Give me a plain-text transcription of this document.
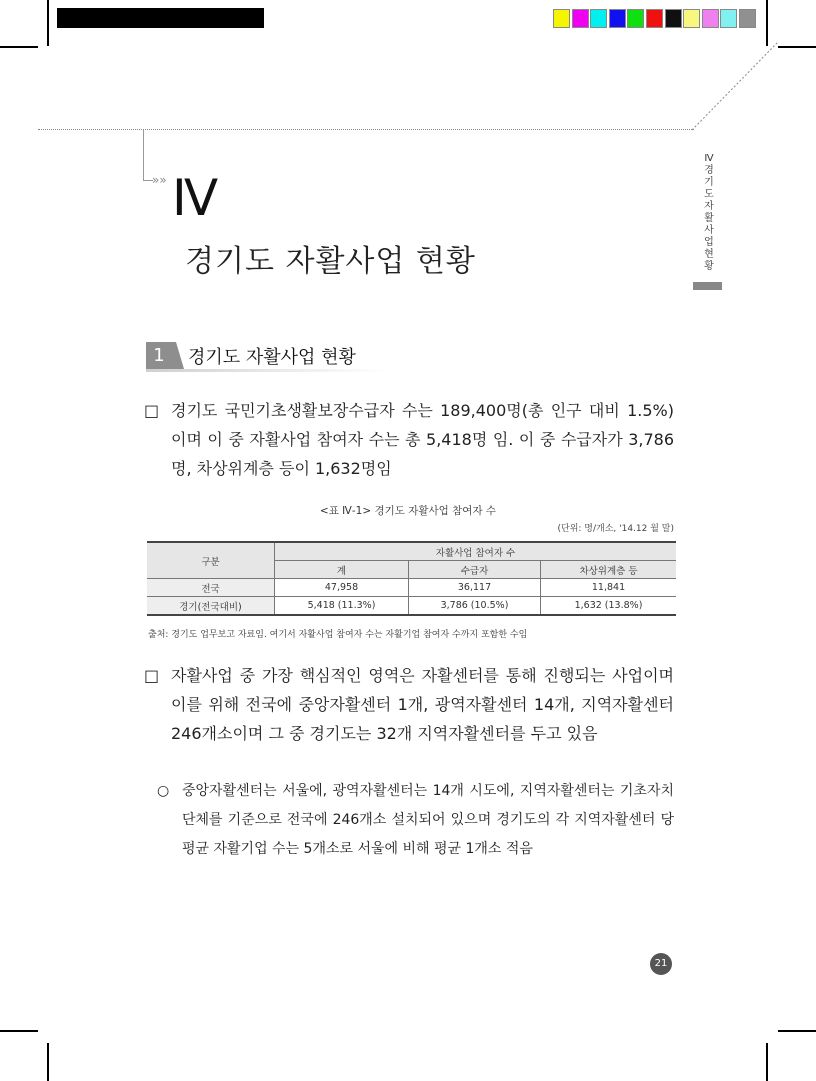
»» Ⅳ
경기도 자활사업 현황
Ⅳ 경기도 자활사업 현황
1	경기도 자활사업 현황
□ 경기도 국민기초생활보장수급자 수는 189,400명(총 인구 대비 1.5%)이며 이 중 자활사업 참여자 수는 총 5,418명 임. 이 중 수급자가 3,786명, 차상위계층 등이 1,632명임
<표 Ⅳ-1> 경기도 자활사업 참여자 수
(단위: 명/개소, '14.12 월 말)
구분	자활사업 참여자 수		
	계	수급자	차상위계층 등
전국	47,958	36,117	11,841
경기(전국대비)	5,418 (11.3%)	3,786 (10.5%)	1,632 (13.8%)
출처: 경기도 업무보고 자료임. 여기서 자활사업 참여자 수는 자활기업 참여자 수까지 포함한 수임
□ 자활사업 중 가장 핵심적인 영역은 자활센터를 통해 진행되는 사업이며 이를 위해 전국에 중앙자활센터 1개, 광역자활센터 14개, 지역자활센터 246개소이며 그 중 경기도는 32개 지역자활센터를 두고 있음
○ 중앙자활센터는 서울에, 광역자활센터는 14개 시도에, 지역자활센터는 기초자치단체를 기준으로 전국에 246개소 설치되어 있으며 경기도의 각 지역자활센터 당 평균 자활기업 수는 5개소로 서울에 비해 평균 1개소 적음
21
